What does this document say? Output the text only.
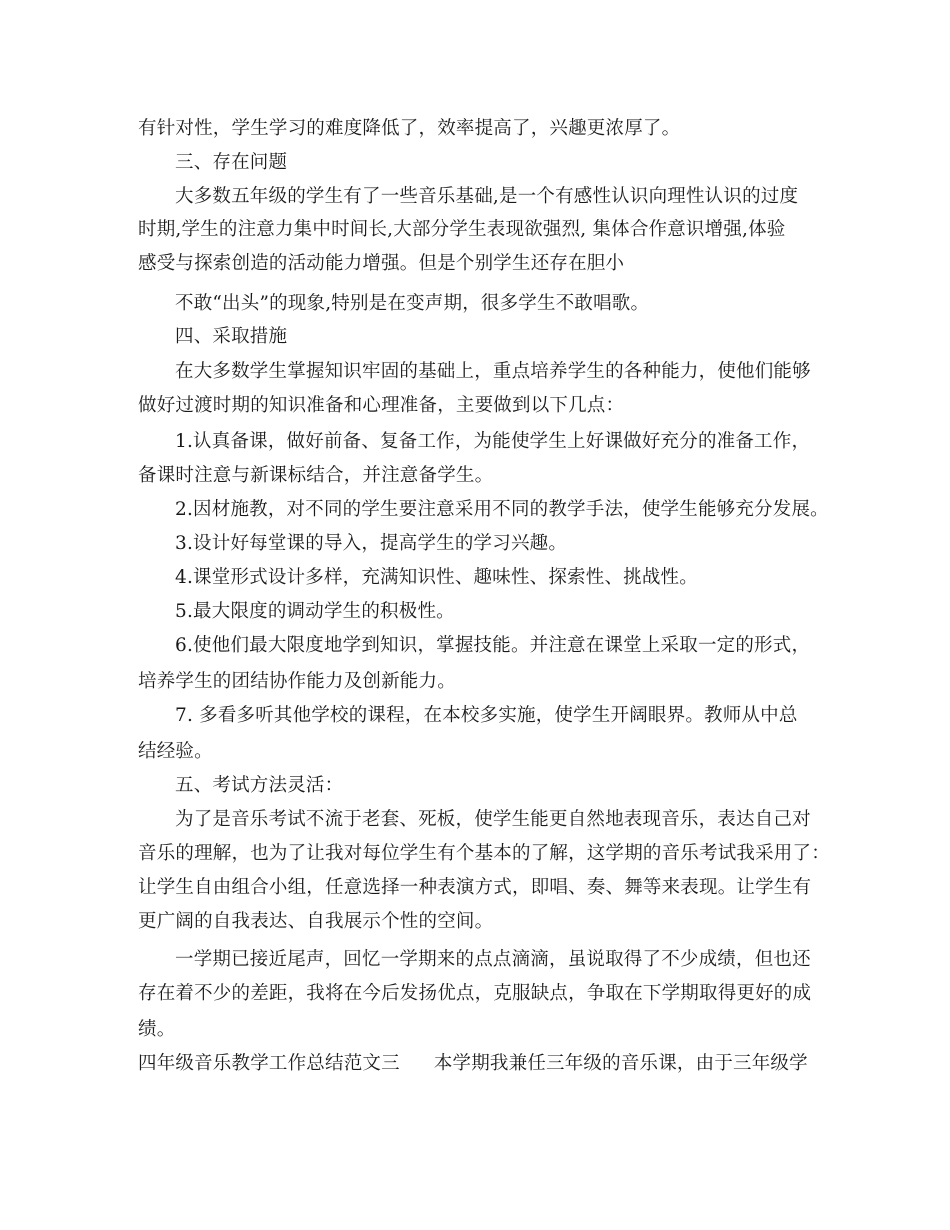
有针对性，学生学习的难度降低了，效率提高了，兴趣更浓厚了。

三、存在问题

大多数五年级的学生有了一些音乐基础,是一个有感性认识向理性认识的过度

时期,学生的注意力集中时间长,大部分学生表现欲强烈, 集体合作意识增强,体验

感受与探索创造的活动能力增强。但是个别学生还存在胆小

不敢“出头”的现象,特别是在变声期，很多学生不敢唱歌。

四、采取措施

在大多数学生掌握知识牢固的基础上，重点培养学生的各种能力，使他们能够

做好过渡时期的知识准备和心理准备，主要做到以下几点：

1.认真备课，做好前备、复备工作，为能使学生上好课做好充分的准备工作，

备课时注意与新课标结合，并注意备学生。

2.因材施教，对不同的学生要注意采用不同的教学手法，使学生能够充分发展。

3.设计好每堂课的导入，提高学生的学习兴趣。

4.课堂形式设计多样，充满知识性、趣味性、探索性、挑战性。

5.最大限度的调动学生的积极性。

6.使他们最大限度地学到知识，掌握技能。并注意在课堂上采取一定的形式，

培养学生的团结协作能力及创新能力。

7. 多看多听其他学校的课程，在本校多实施，使学生开阔眼界。教师从中总

结经验。

五、考试方法灵活：

为了是音乐考试不流于老套、死板，使学生能更自然地表现音乐，表达自己对

音乐的理解，也为了让我对每位学生有个基本的了解，这学期的音乐考试我采用了：

让学生自由组合小组，任意选择一种表演方式，即唱、奏、舞等来表现。让学生有

更广阔的自我表达、自我展示个性的空间。

一学期已接近尾声，回忆一学期来的点点滴滴，虽说取得了不少成绩，但也还

存在着不少的差距，我将在今后发扬优点，克服缺点，争取在下学期取得更好的成

绩。

四年级音乐教学工作总结范文三 本学期我兼任三年级的音乐课，由于三年级学
